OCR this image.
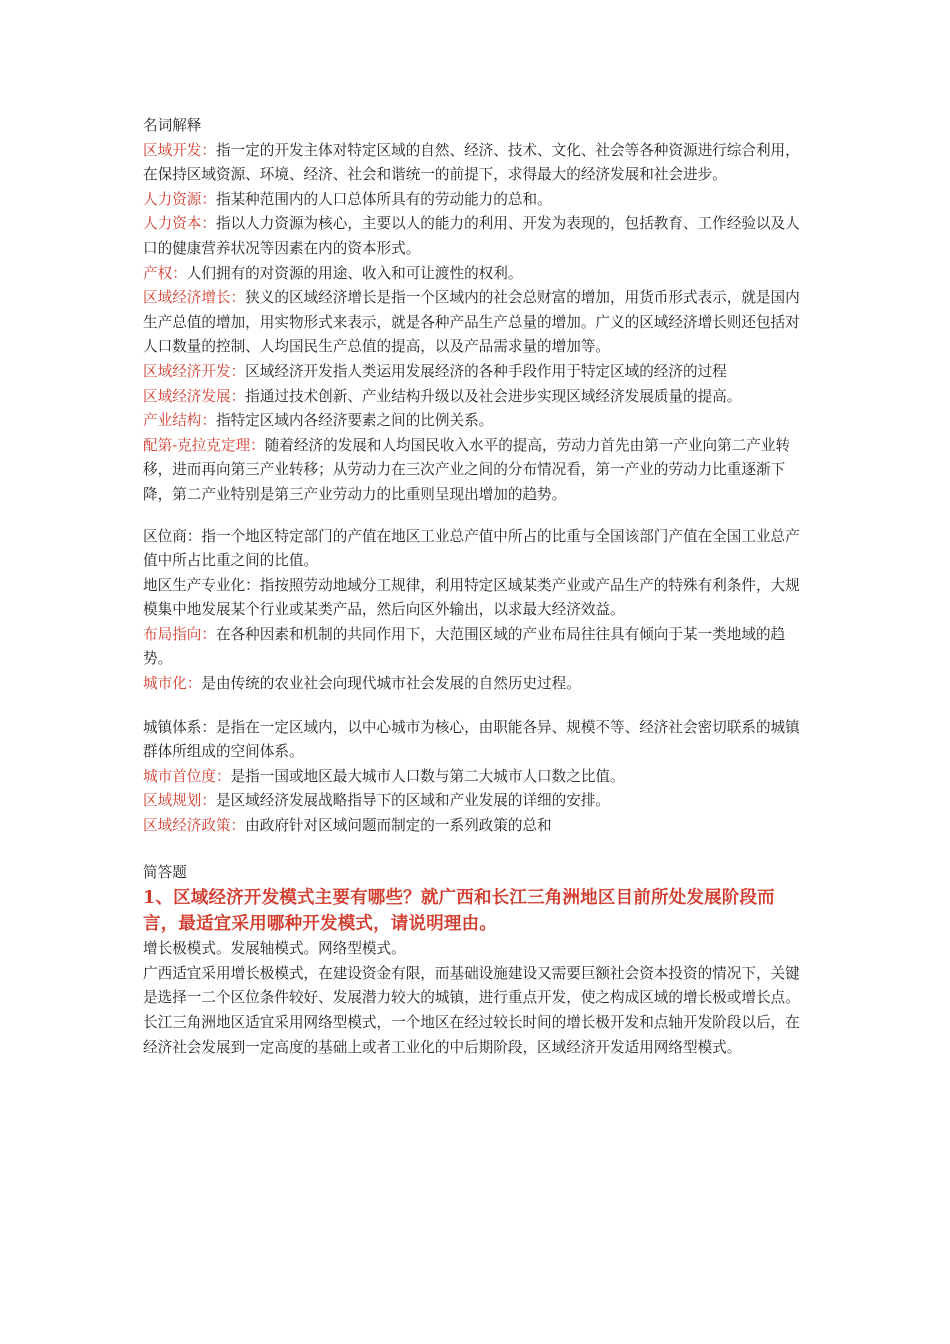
名词解释
区域开发：指一定的开发主体对特定区域的自然、经济、技术、文化、社会等各种资源进行综合利用，在保持区域资源、环境、经济、社会和谐统一的前提下，求得最大的经济发展和社会进步。
人力资源：指某种范围内的人口总体所具有的劳动能力的总和。
人力资本：指以人力资源为核心，主要以人的能力的利用、开发为表现的，包括教育、工作经验以及人口的健康营养状况等因素在内的资本形式。
产权：人们拥有的对资源的用途、收入和可让渡性的权利。
区域经济增长：狭义的区域经济增长是指一个区域内的社会总财富的增加，用货币形式表示，就是国内生产总值的增加，用实物形式来表示，就是各种产品生产总量的增加。广义的区域经济增长则还包括对人口数量的控制、人均国民生产总值的提高，以及产品需求量的增加等。
区域经济开发：区域经济开发指人类运用发展经济的各种手段作用于特定区域的经济的过程
区域经济发展：指通过技术创新、产业结构升级以及社会进步实现区域经济发展质量的提高。
产业结构：指特定区域内各经济要素之间的比例关系。
配第-克拉克定理：随着经济的发展和人均国民收入水平的提高，劳动力首先由第一产业向第二产业转移，进而再向第三产业转移；从劳动力在三次产业之间的分布情况看，第一产业的劳动力比重逐渐下降，第二产业特别是第三产业劳动力的比重则呈现出增加的趋势。
区位商：指一个地区特定部门的产值在地区工业总产值中所占的比重与全国该部门产值在全国工业总产值中所占比重之间的比值。
地区生产专业化：指按照劳动地域分工规律，利用特定区域某类产业或产品生产的特殊有利条件，大规模集中地发展某个行业或某类产品，然后向区外输出，以求最大经济效益。
布局指向：在各种因素和机制的共同作用下，大范围区域的产业布局往往具有倾向于某一类地域的趋势。
城市化：是由传统的农业社会向现代城市社会发展的自然历史过程。
城镇体系：是指在一定区域内，以中心城市为核心，由职能各异、规模不等、经济社会密切联系的城镇群体所组成的空间体系。
城市首位度：是指一国或地区最大城市人口数与第二大城市人口数之比值。
区域规划：是区域经济发展战略指导下的区域和产业发展的详细的安排。
区域经济政策：由政府针对区域问题而制定的一系列政策的总和
简答题
1、区域经济开发模式主要有哪些？就广西和长江三角洲地区目前所处发展阶段而言，最适宜采用哪种开发模式，请说明理由。
增长极模式。发展轴模式。网络型模式。
广西适宜采用增长极模式，在建设资金有限，而基础设施建设又需要巨额社会资本投资的情况下，关键是选择一二个区位条件较好、发展潜力较大的城镇，进行重点开发，使之构成区域的增长极或增长点。
长江三角洲地区适宜采用网络型模式，一个地区在经过较长时间的增长极开发和点轴开发阶段以后，在经济社会发展到一定高度的基础上或者工业化的中后期阶段，区域经济开发适用网络型模式。
